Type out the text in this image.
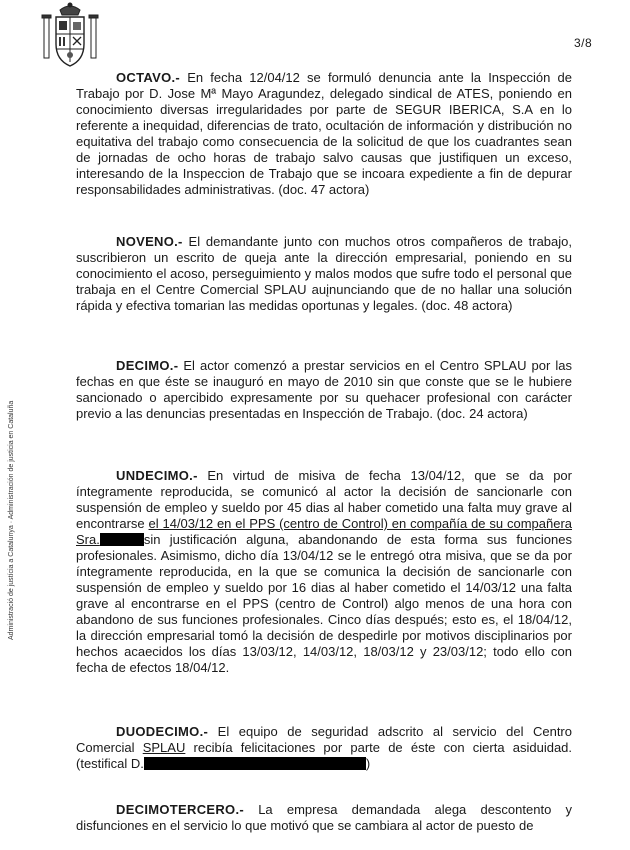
3/8
Administració de justícia a Catalunya · Administración de justicia en Cataluña

OCTAVO.- En fecha 12/04/12 se formuló denuncia ante la Inspección de Trabajo por D. Jose Mª Mayo Aragundez, delegado sindical de ATES, poniendo en conocimiento diversas irregularidades por parte de SEGUR IBERICA, S.A en lo referente a inequidad, diferencias de trato, ocultación de información y distribución no equitativa del trabajo como consecuencia de la solicitud de que los cuadrantes sean de jornadas de ocho horas de trabajo salvo causas que justifiquen un exceso, interesando de la Inspeccion de Trabajo que se incoara expediente a fin de depurar responsabilidades administrativas. (doc. 47 actora)

NOVENO.- El demandante junto con muchos otros compañeros de trabajo, suscribieron un escrito de queja ante la dirección empresarial, poniendo en su conocimiento el acoso, perseguimiento y malos modos que sufre todo el personal que trabaja en el Centre Comercial SPLAU auįnunciando que de no hallar una solución rápida y efectiva tomarian las medidas oportunas y legales. (doc. 48 actora)

DECIMO.- El actor comenzó a prestar servicios en el Centro SPLAU por las fechas en que éste se inauguró en mayo de 2010 sin que conste que se le hubiere sancionado o apercibido expresamente por su quehacer profesional con carácter previo a las denuncias presentadas en Inspección de Trabajo. (doc. 24 actora)

UNDECIMO.- En virtud de misiva de fecha 13/04/12, que se da por íntegramente reproducida, se comunicó al actor la decisión de sancionarle con suspensión de empleo y sueldo por 45 dias al haber cometido una falta muy grave al encontrarse el 14/03/12 en el PPS (centro de Control) en compañía de su compañera Sra.	sin justificación alguna, abandonando de esta forma sus funciones profesionales. Asimismo, dicho día 13/04/12 se le entregó otra misiva, que se da por íntegramente reproducida, en la que se comunica la decisión de sancionarle con suspensión de empleo y sueldo por 16 dias al haber cometido el 14/03/12 una falta grave al encontrarse en el PPS (centro de Control) algo menos de una hora con abandono de sus funciones profesionales. Cinco días después; esto es, el 18/04/12, la dirección empresarial tomó la decisión de despedirle por motivos disciplinarios por hechos acaecidos los días 13/03/12, 14/03/12, 18/03/12 y 23/03/12; todo ello con fecha de efectos 18/04/12.

DUODECIMO.- El equipo de seguridad adscrito al servicio del Centro Comercial SPLAU recibía felicitaciones por parte de éste con cierta asiduidad. (testifical D.	)

DECIMOTERCERO.- La empresa demandada alega descontento y disfunciones en el servicio lo que motivó que se cambiara al actor de puesto de
